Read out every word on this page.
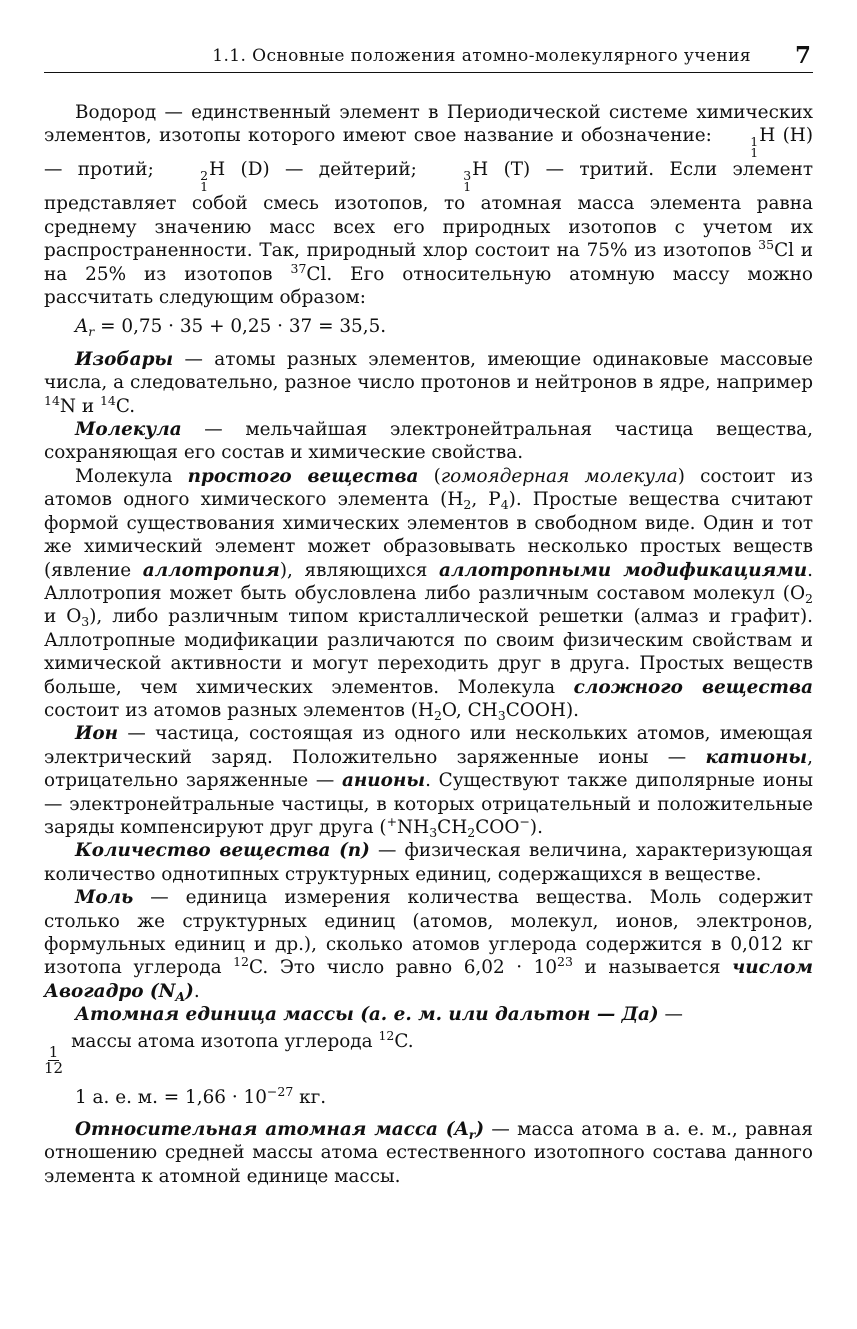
1.1. Основные положения атомно-молекулярного учения 7

Водород — единственный элемент в Периодической системе химических элементов, изотопы которого имеют свое название и обозначение:	1
1
H (H) — протий;	2
1
H (D) — дейтерий;	3
1
H (T) — тритий. Если элемент представляет собой смесь изотопов, то атомная масса элемента равна среднему значению масс всех его природных изотопов с учетом их распространенности. Так, природный хлор состоит на 75% из изотопов $^{35}$Cl и на 25% из изотопов $^{37}$Cl. Его относительную атомную массу можно рассчитать следующим образом:

$A_r = 0,75 \cdot 35 + 0,25 \cdot 37 = 35,5$.

Изобары — атомы разных элементов, имеющие одинаковые массовые числа, а следовательно, разное число протонов и нейтронов в ядре, например $^{14}$N и $^{14}$C.

Молекула — мельчайшая электронейтральная частица вещества, сохраняющая его состав и химические свойства.

Молекула простого вещества (гомоядерная молекула) состоит из атомов одного химического элемента ($H_2$, $P_4$). Простые вещества считают формой существования химических элементов в свободном виде. Один и тот же химический элемент может образовывать несколько простых веществ (явление аллотропия), являющихся аллотропными модификациями. Аллотропия может быть обусловлена либо различным составом молекул ($O_2$ и $O_3$), либо различным типом кристаллической решетки (алмаз и графит). Аллотропные модификации различаются по своим физическим свойствам и химической активности и могут переходить друг в друга. Простых веществ больше, чем химических элементов. Молекула сложного вещества состоит из атомов разных элементов ($H_2O$, $CH_3COOH$).

Ион — частица, состоящая из одного или нескольких атомов, имеющая электрический заряд. Положительно заряженные ионы — катионы, отрицательно заряженные — анионы. Существуют также диполярные ионы — электронейтральные частицы, в которых отрицательный и положительные заряды компенсируют друг друга $(^+NH_3CH_2COO^-)$.

Количество вещества (n) — физическая величина, характеризующая количество однотипных структурных единиц, содержащихся в веществе.

Моль — единица измерения количества вещества. Моль содержит столько же структурных единиц (атомов, молекул, ионов, электронов, формульных единиц и др.), сколько атомов углерода содержится в 0,012 кг изотопа углерода $^{12}$C. Это число равно $6,02 \cdot 10^{23}$ и называется числом Авогадро $(N_A)$.

Атомная единица массы (а. е. м. или дальтон — Да) —

$\frac{1}{12}$
массы атома изотопа углерода $^{12}$C.

1 а. е. м. = $1,66 \cdot 10^{-27}$ кг.

Относительная атомная масса $(A_r)$ — масса атома в а. е. м., равная отношению средней массы атома естественного изотопного состава данного элемента к атомной единице массы.
